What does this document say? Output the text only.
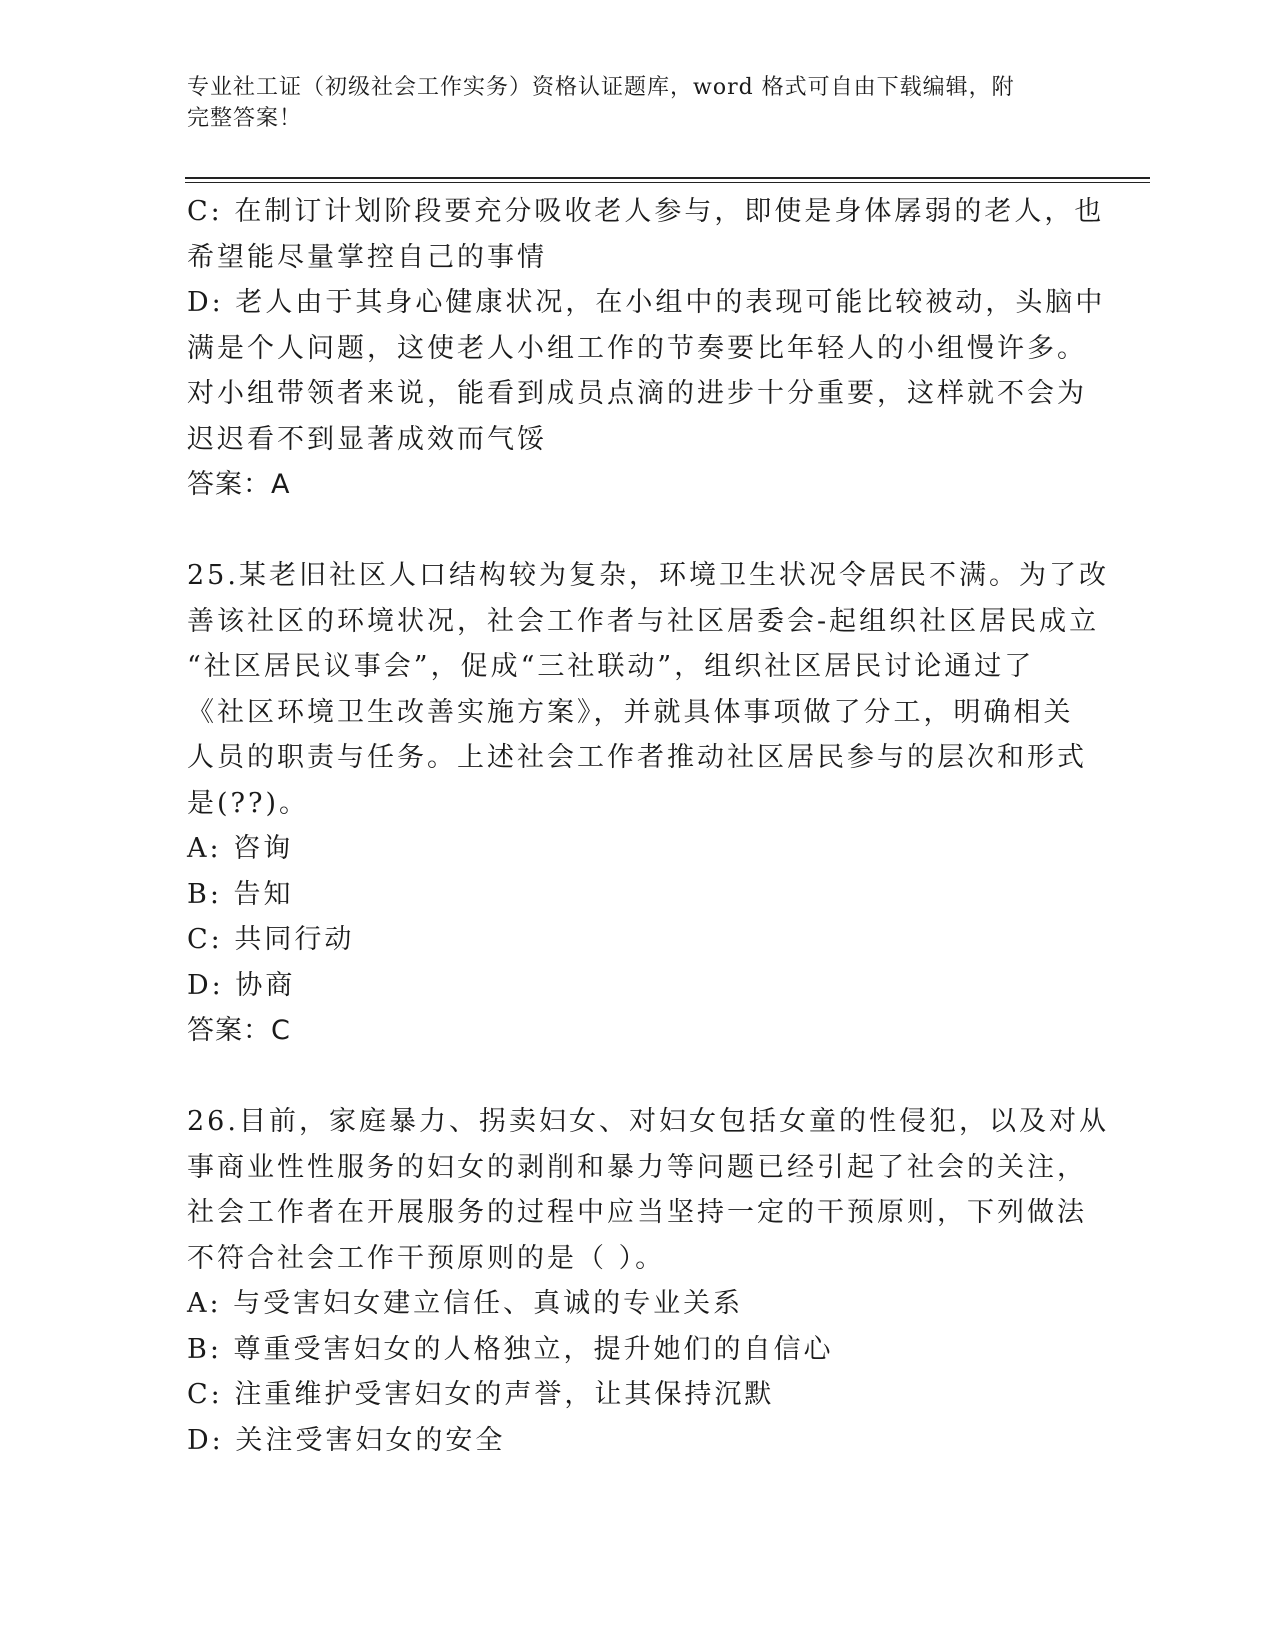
专业社工证（初级社会工作实务）资格认证题库，word 格式可自由下载编辑，附
完整答案！

C: 在制订计划阶段要充分吸收老人参与，即使是身体孱弱的老人，也

希望能尽量掌控自己的事情

D: 老人由于其身心健康状况，在小组中的表现可能比较被动，头脑中

满是个人问题，这使老人小组工作的节奏要比年轻人的小组慢许多。

对小组带领者来说，能看到成员点滴的进步十分重要，这样就不会为

迟迟看不到显著成效而气馁

答案：A

25.某老旧社区人口结构较为复杂，环境卫生状况令居民不满。为了改

善该社区的环境状况，社会工作者与社区居委会-起组织社区居民成立

“社区居民议事会”，促成“三社联动”，组织社区居民讨论通过了

《社区环境卫生改善实施方案》，并就具体事项做了分工，明确相关

人员的职责与任务。上述社会工作者推动社区居民参与的层次和形式

是(??)。

A: 咨询

B: 告知

C: 共同行动

D: 协商

答案：C

26.目前，家庭暴力、拐卖妇女、对妇女包括女童的性侵犯，以及对从

事商业性性服务的妇女的剥削和暴力等问题已经引起了社会的关注，

社会工作者在开展服务的过程中应当坚持一定的干预原则，下列做法

不符合社会工作干预原则的是（ ）。

A: 与受害妇女建立信任、真诚的专业关系

B: 尊重受害妇女的人格独立，提升她们的自信心

C: 注重维护受害妇女的声誉，让其保持沉默

D: 关注受害妇女的安全
